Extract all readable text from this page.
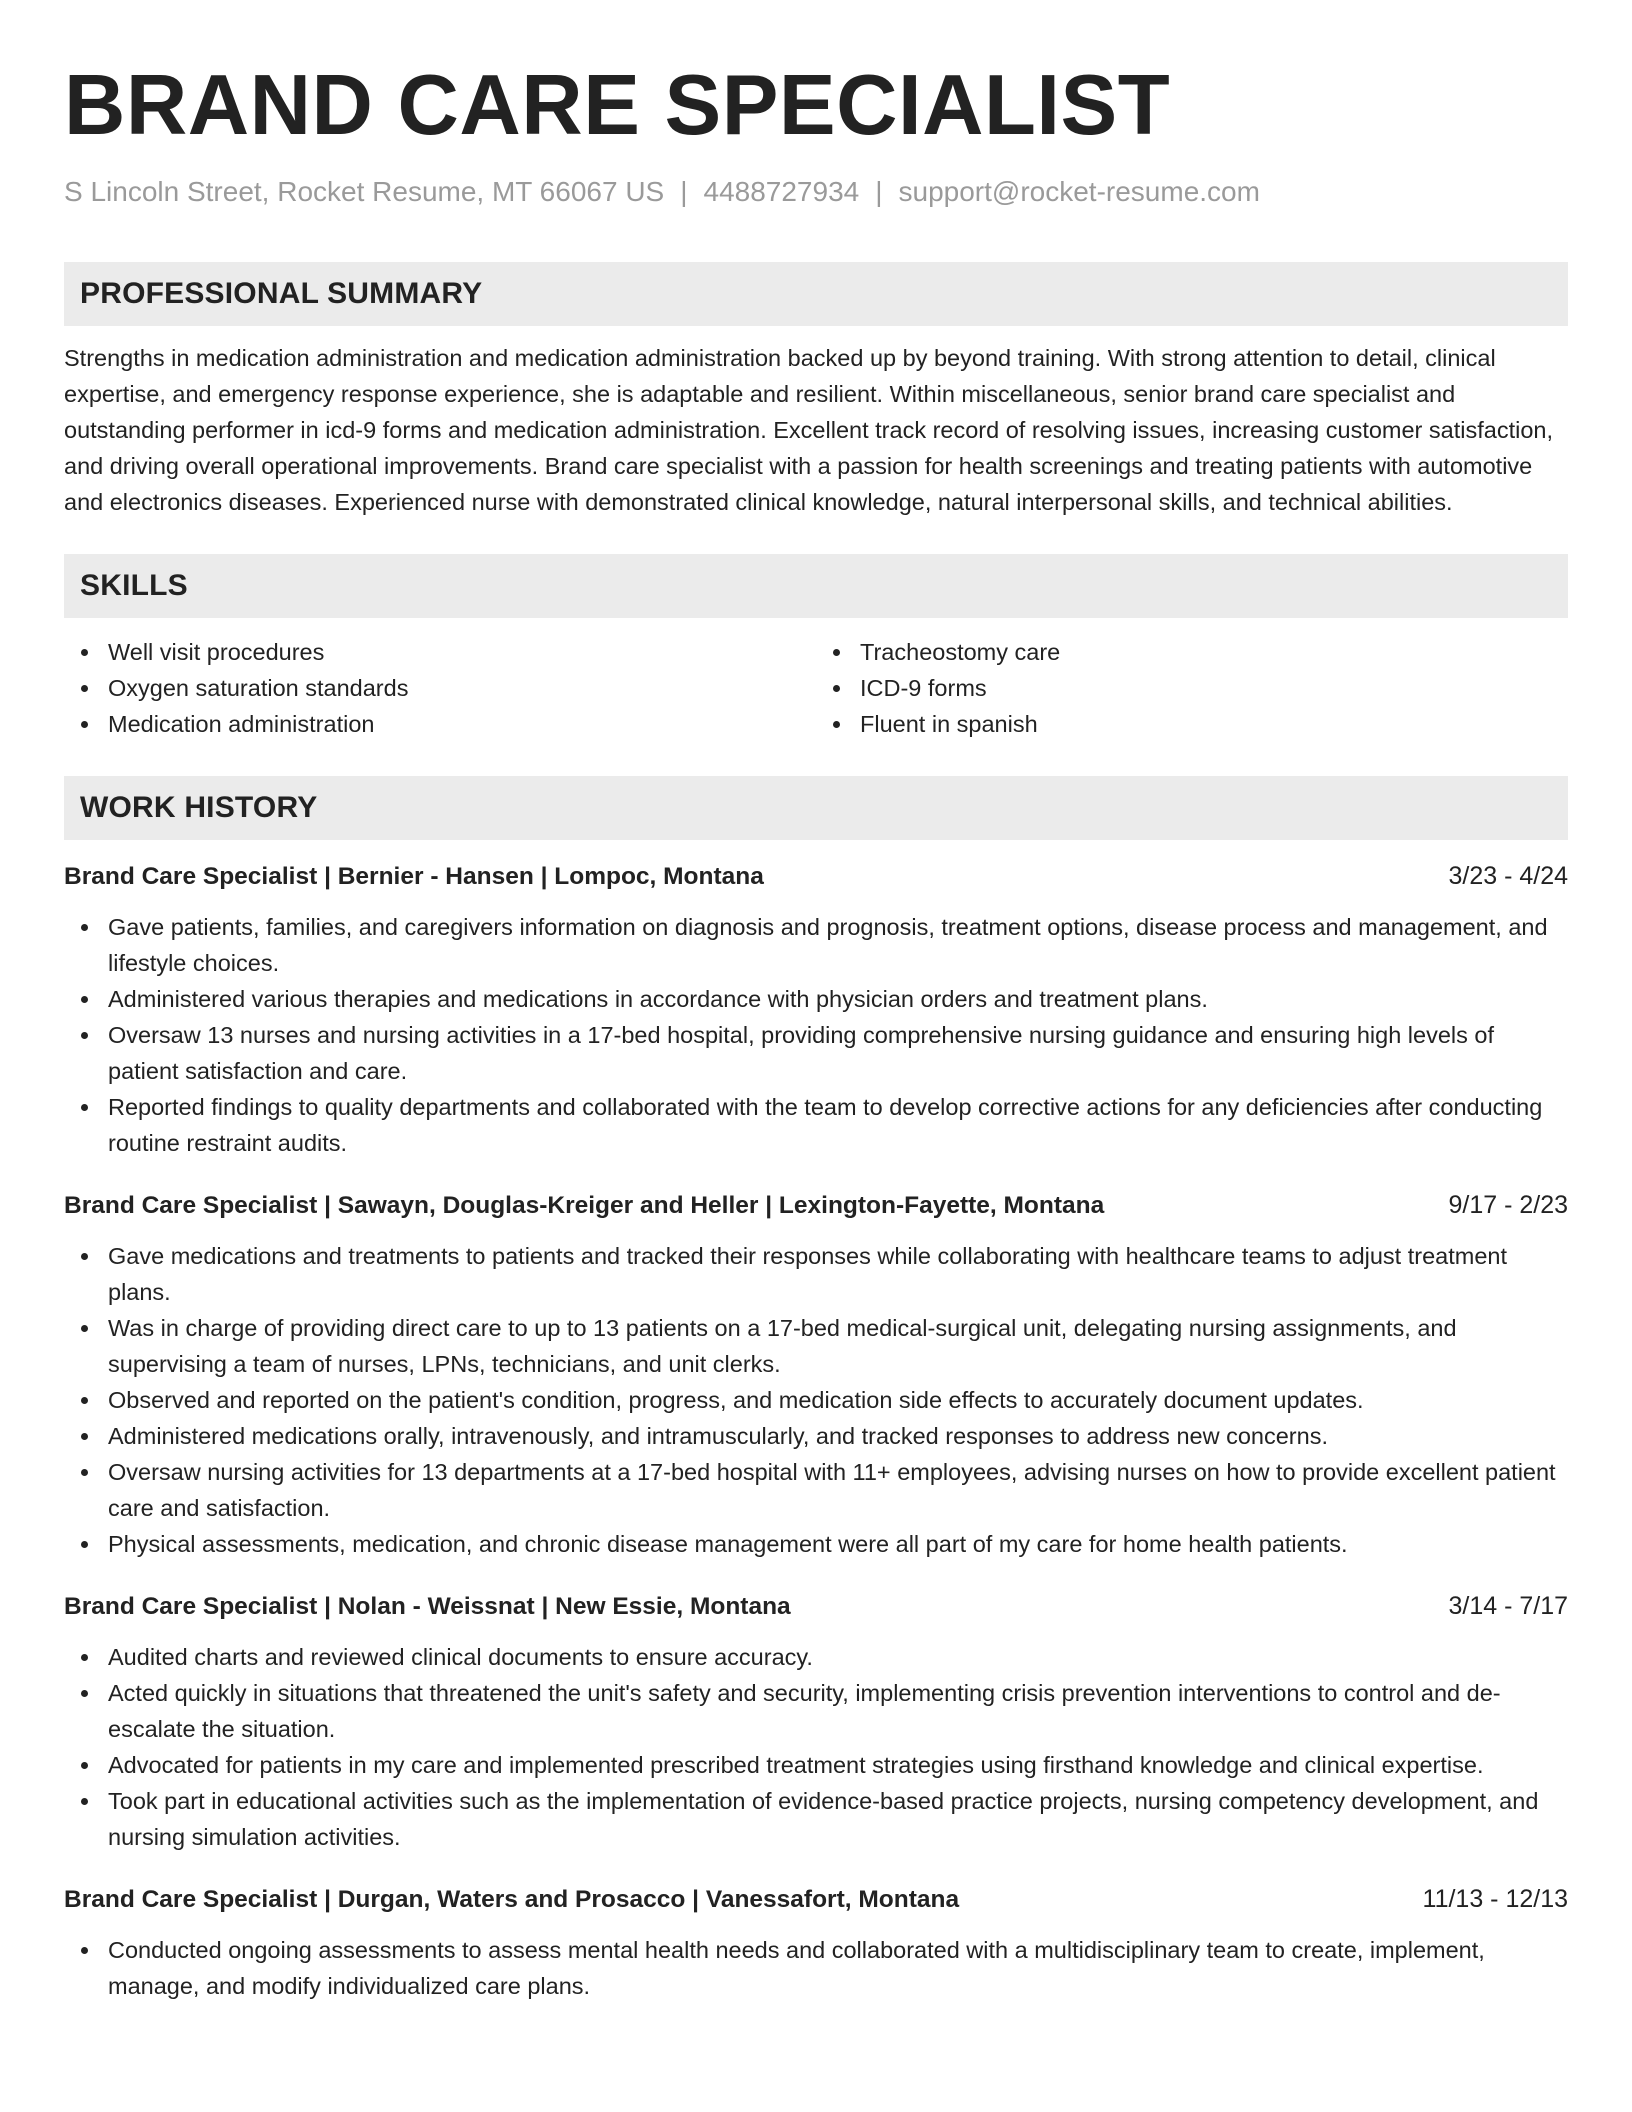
BRAND CARE SPECIALIST
S Lincoln Street, Rocket Resume, MT 66067 US | 4488727934 | support@rocket-resume.com
PROFESSIONAL SUMMARY
Strengths in medication administration and medication administration backed up by beyond training. With strong attention to detail, clinical expertise, and emergency response experience, she is adaptable and resilient. Within miscellaneous, senior brand care specialist and outstanding performer in icd-9 forms and medication administration. Excellent track record of resolving issues, increasing customer satisfaction, and driving overall operational improvements. Brand care specialist with a passion for health screenings and treating patients with automotive and electronics diseases. Experienced nurse with demonstrated clinical knowledge, natural interpersonal skills, and technical abilities.
SKILLS
Well visit procedures
Oxygen saturation standards
Medication administration
Tracheostomy care
ICD-9 forms
Fluent in spanish
WORK HISTORY
Brand Care Specialist | Bernier - Hansen | Lompoc, Montana	3/23 - 4/24
Gave patients, families, and caregivers information on diagnosis and prognosis, treatment options, disease process and management, and lifestyle choices.
Administered various therapies and medications in accordance with physician orders and treatment plans.
Oversaw 13 nurses and nursing activities in a 17-bed hospital, providing comprehensive nursing guidance and ensuring high levels of patient satisfaction and care.
Reported findings to quality departments and collaborated with the team to develop corrective actions for any deficiencies after conducting routine restraint audits.
Brand Care Specialist | Sawayn, Douglas-Kreiger and Heller | Lexington-Fayette, Montana	9/17 - 2/23
Gave medications and treatments to patients and tracked their responses while collaborating with healthcare teams to adjust treatment plans.
Was in charge of providing direct care to up to 13 patients on a 17-bed medical-surgical unit, delegating nursing assignments, and supervising a team of nurses, LPNs, technicians, and unit clerks.
Observed and reported on the patient's condition, progress, and medication side effects to accurately document updates.
Administered medications orally, intravenously, and intramuscularly, and tracked responses to address new concerns.
Oversaw nursing activities for 13 departments at a 17-bed hospital with 11+ employees, advising nurses on how to provide excellent patient care and satisfaction.
Physical assessments, medication, and chronic disease management were all part of my care for home health patients.
Brand Care Specialist | Nolan - Weissnat | New Essie, Montana	3/14 - 7/17
Audited charts and reviewed clinical documents to ensure accuracy.
Acted quickly in situations that threatened the unit's safety and security, implementing crisis prevention interventions to control and de-escalate the situation.
Advocated for patients in my care and implemented prescribed treatment strategies using firsthand knowledge and clinical expertise.
Took part in educational activities such as the implementation of evidence-based practice projects, nursing competency development, and nursing simulation activities.
Brand Care Specialist | Durgan, Waters and Prosacco | Vanessafort, Montana	11/13 - 12/13
Conducted ongoing assessments to assess mental health needs and collaborated with a multidisciplinary team to create, implement, manage, and modify individualized care plans.
